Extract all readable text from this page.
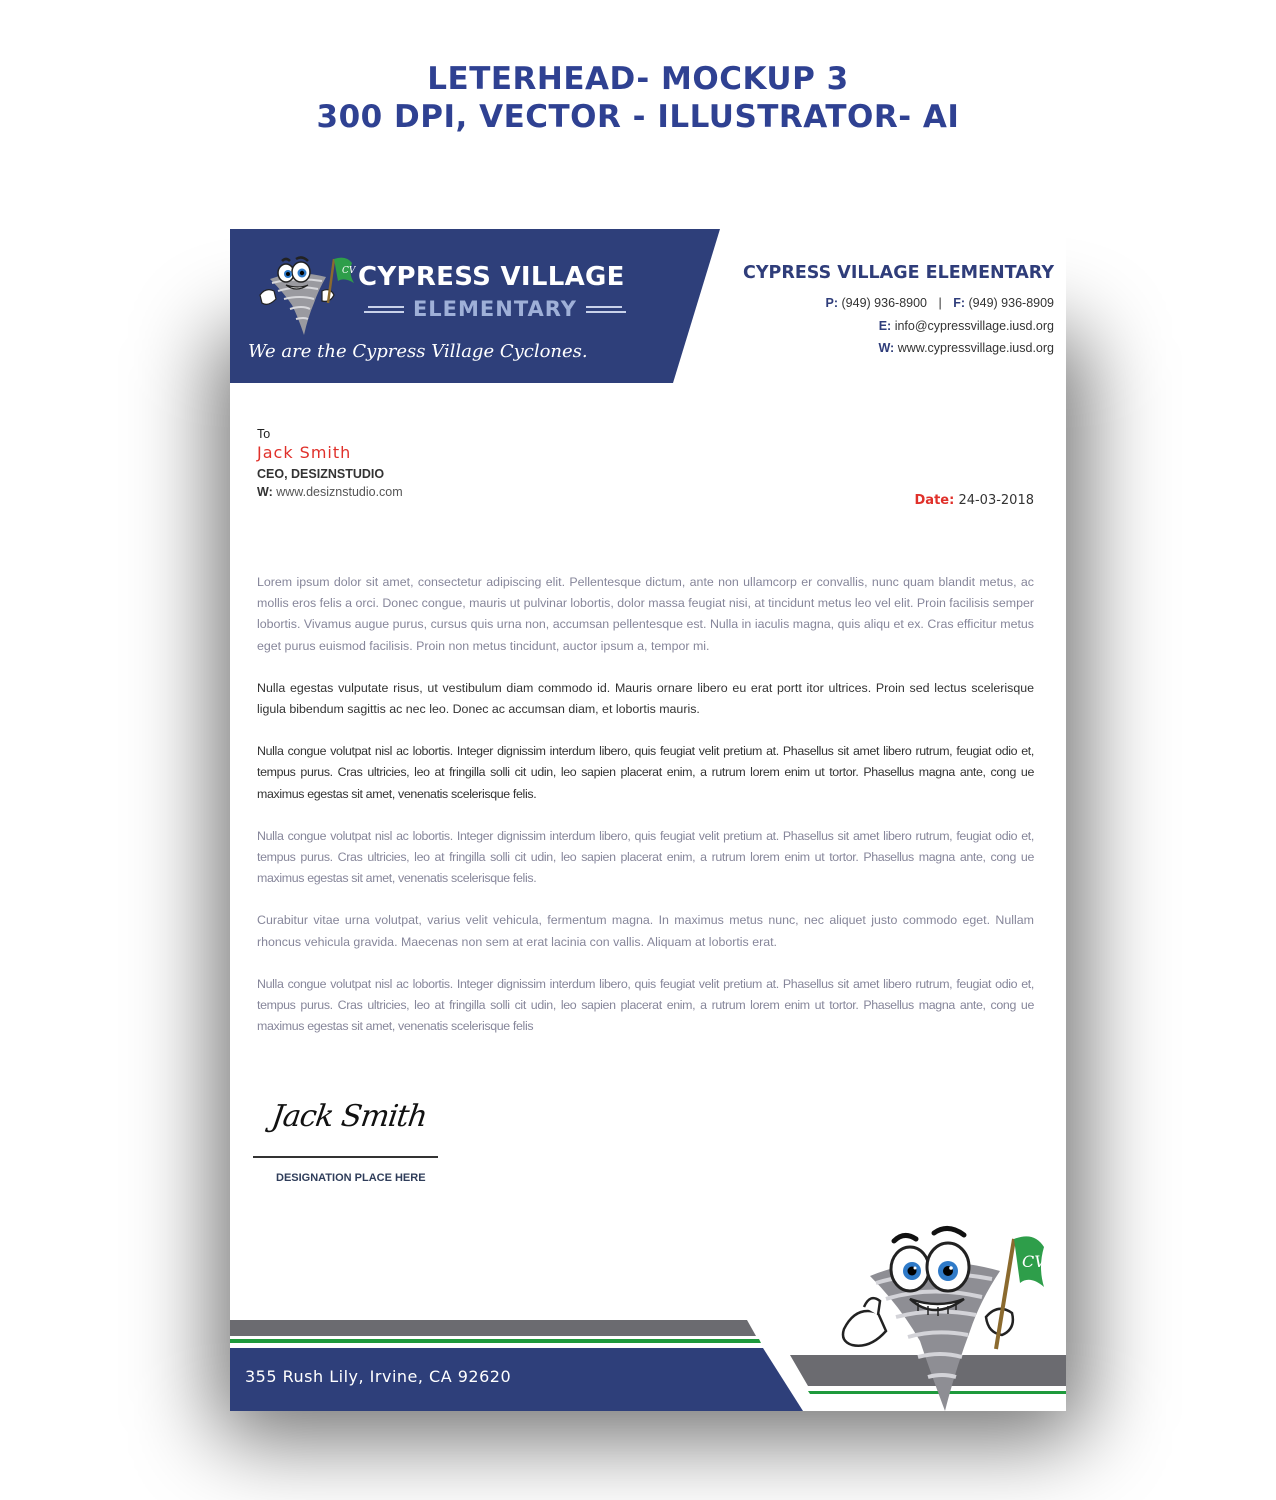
LETERHEAD- MOCKUP 3
300 DPI, VECTOR - ILLUSTRATOR- AI
CV CYPRESS VILLAGE
ELEMENTARY
We are the Cypress Village Cyclones.
CYPRESS VILLAGE ELEMENTARY
P: (949) 936-8900 | F: (949) 936-8909
E: info@cypressvillage.iusd.org
W: www.cypressvillage.iusd.org
To
Jack Smith
CEO, DESIZNSTUDIO
W: www.desiznstudio.com
Date: 24-03-2018

Lorem ipsum dolor sit amet, consectetur adipiscing elit. Pellentesque dictum, ante non ullamcorp er convallis, nunc quam blandit metus, ac mollis eros felis a orci. Donec congue, mauris ut pulvinar lobortis, dolor massa feugiat nisi, at tincidunt metus leo vel elit. Proin facilisis semper lobortis. Vivamus augue purus, cursus quis urna non, accumsan pellentesque est. Nulla in iaculis magna, quis aliqu et ex. Cras efficitur metus eget purus euismod facilisis. Proin non metus tincidunt, auctor ipsum a, tempor mi.

Nulla egestas vulputate risus, ut vestibulum diam commodo id. Mauris ornare libero eu erat portt itor ultrices. Proin sed lectus scelerisque ligula bibendum sagittis ac nec leo. Donec ac accumsan diam, et lobortis mauris.

Nulla congue volutpat nisl ac lobortis. Integer dignissim interdum libero, quis feugiat velit pretium at. Phasellus sit amet libero rutrum, feugiat odio et, tempus purus. Cras ultricies, leo at fringilla solli cit udin, leo sapien placerat enim, a rutrum lorem enim ut tortor. Phasellus magna ante, cong ue maximus egestas sit amet, venenatis scelerisque felis.

Nulla congue volutpat nisl ac lobortis. Integer dignissim interdum libero, quis feugiat velit pretium at. Phasellus sit amet libero rutrum, feugiat odio et, tempus purus. Cras ultricies, leo at fringilla solli cit udin, leo sapien placerat enim, a rutrum lorem enim ut tortor. Phasellus magna ante, cong ue maximus egestas sit amet, venenatis scelerisque felis.

Curabitur vitae urna volutpat, varius velit vehicula, fermentum magna. In maximus metus nunc, nec aliquet justo commodo eget. Nullam rhoncus vehicula gravida. Maecenas non sem at erat lacinia con vallis. Aliquam at lobortis erat.

Nulla congue volutpat nisl ac lobortis. Integer dignissim interdum libero, quis feugiat velit pretium at. Phasellus sit amet libero rutrum, feugiat odio et, tempus purus. Cras ultricies, leo at fringilla solli cit udin, leo sapien placerat enim, a rutrum lorem enim ut tortor. Phasellus magna ante, cong ue maximus egestas sit amet, venenatis scelerisque felis

Jack Smith
DESIGNATION PLACE HERE
355 Rush Lily, Irvine, CA 92620
CV
